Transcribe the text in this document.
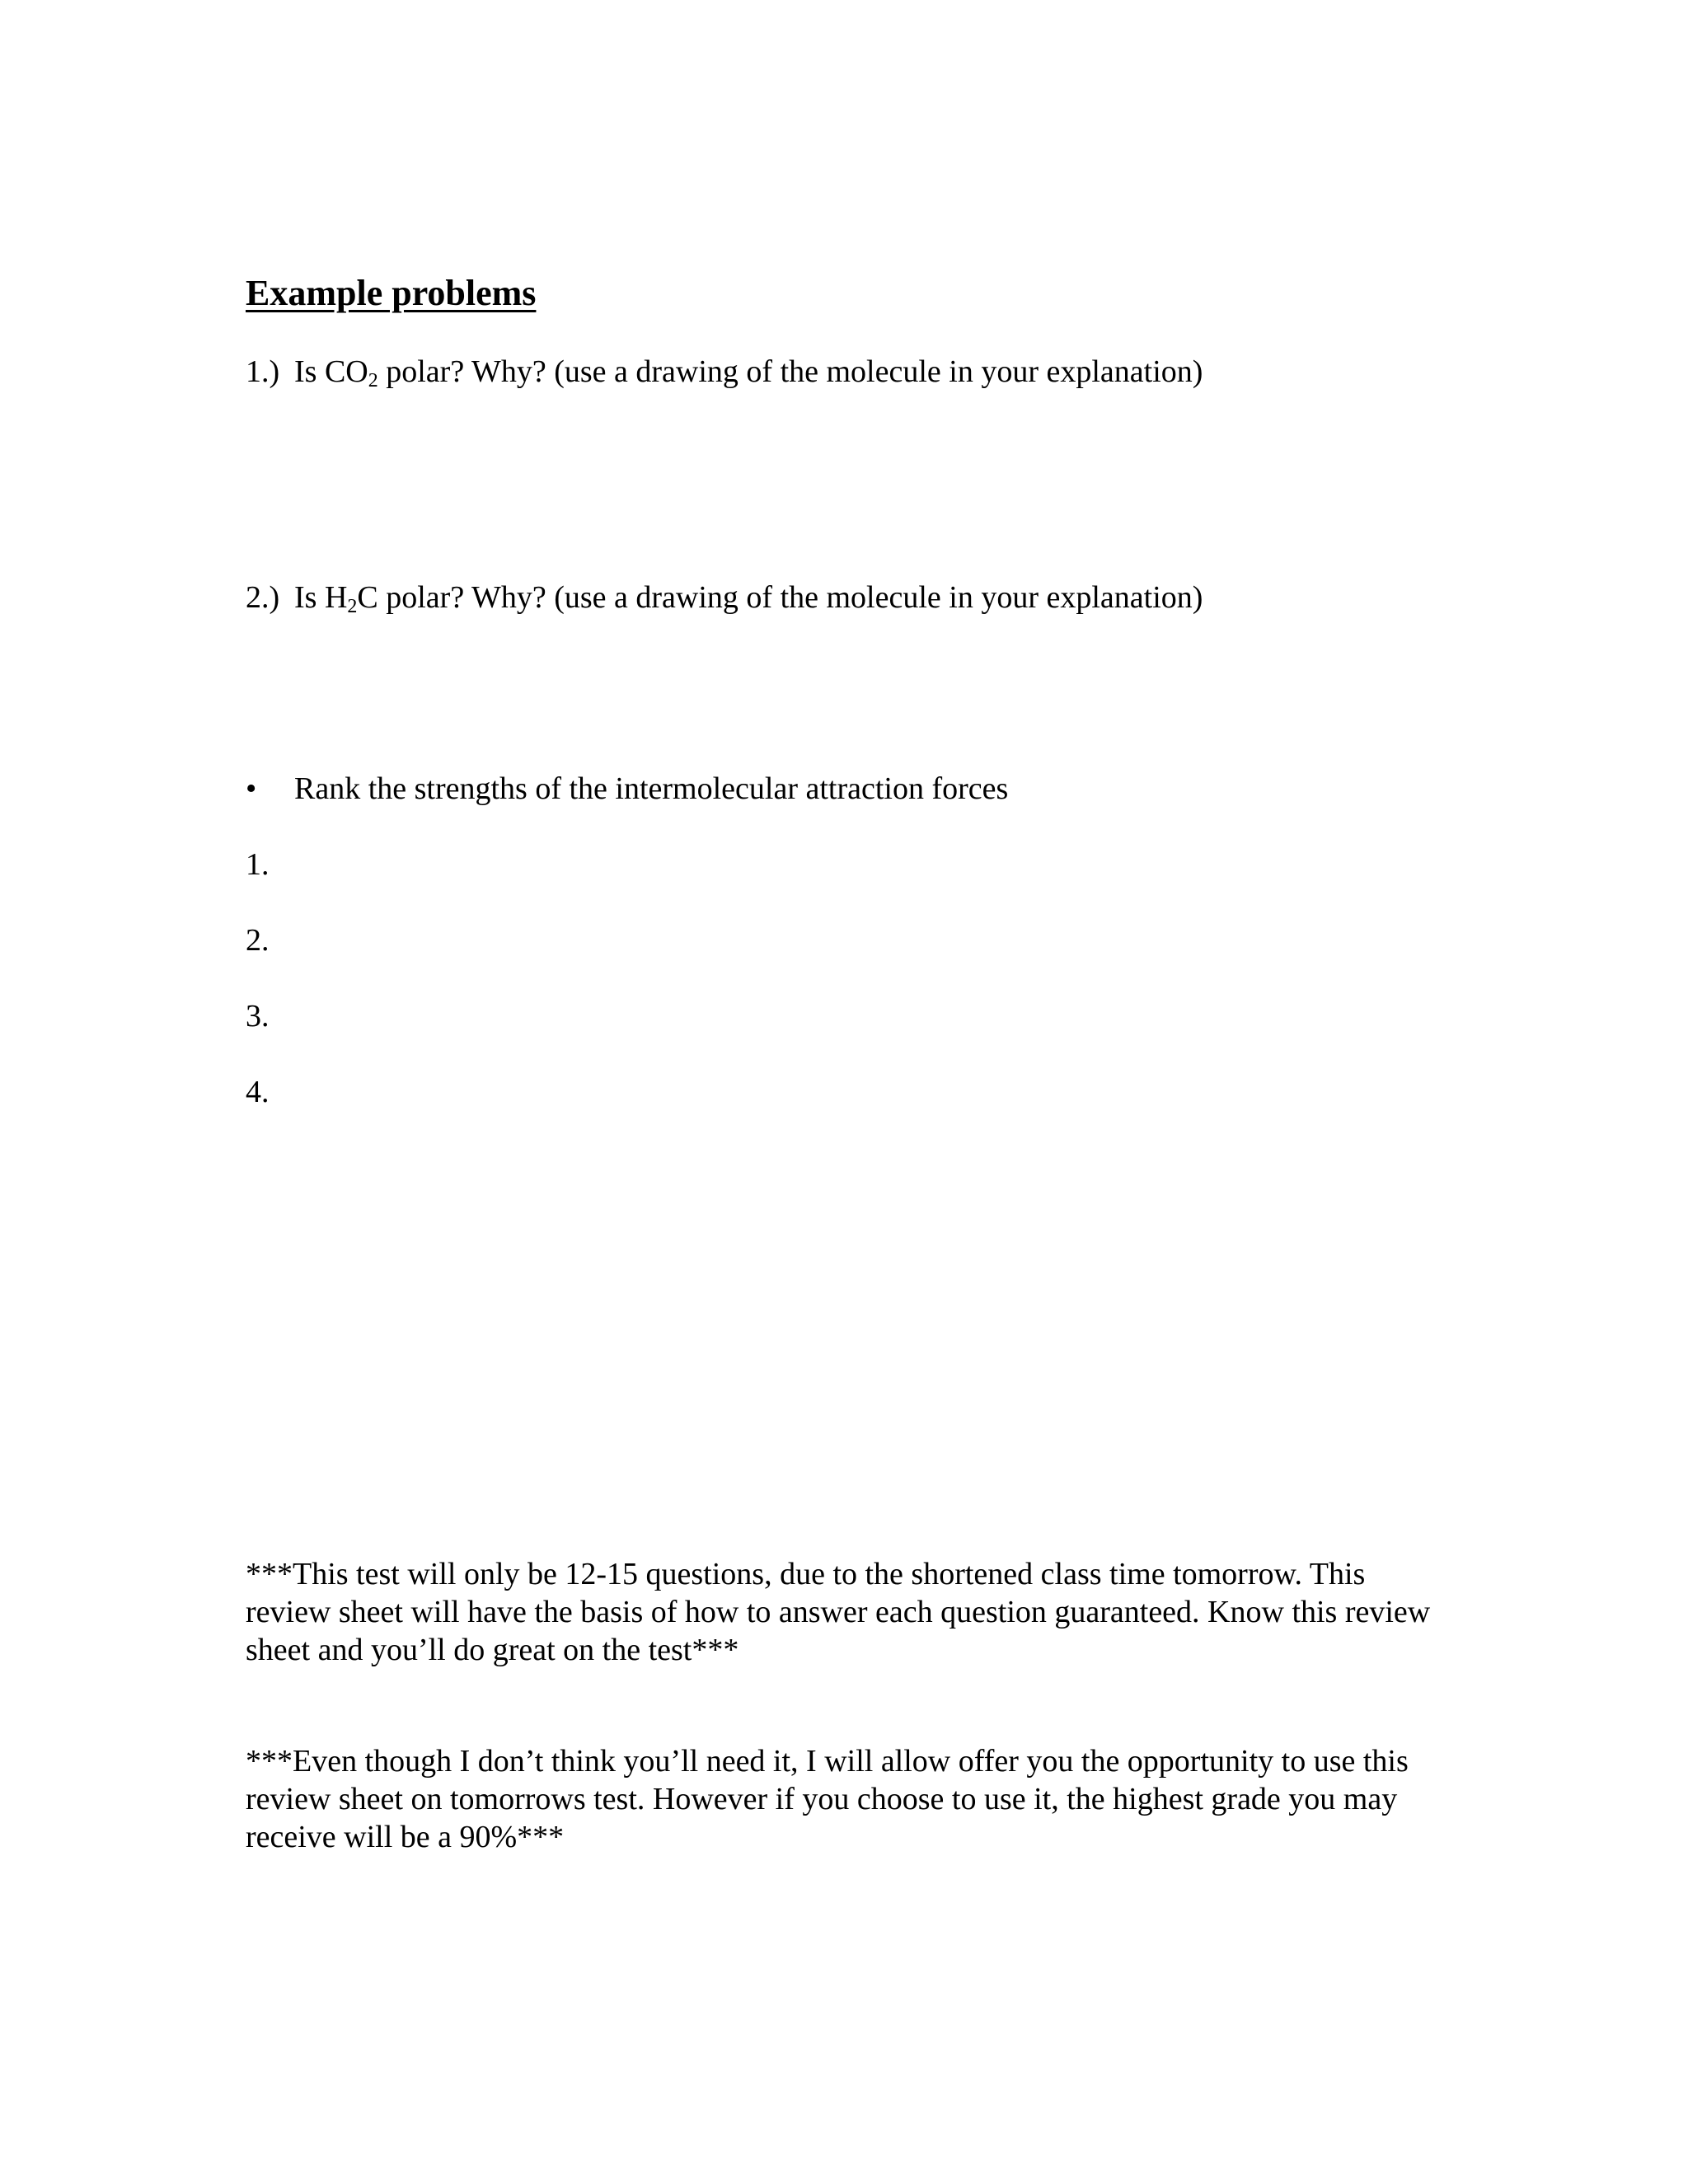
Example problems
1.) Is $CO_2$ polar? Why? (use a drawing of the molecule in your explanation)
2.) Is $H_2C$ polar? Why? (use a drawing of the molecule in your explanation)
• Rank the strengths of the intermolecular attraction forces
1.
2.
3.
4.
***This test will only be 12-15 questions, due to the shortened class time tomorrow. This review sheet will have the basis of how to answer each question guaranteed. Know this review sheet and you’ll do great on the test***
***Even though I don’t think you’ll need it, I will allow offer you the opportunity to use this review sheet on tomorrows test. However if you choose to use it, the highest grade you may receive will be a 90%***
